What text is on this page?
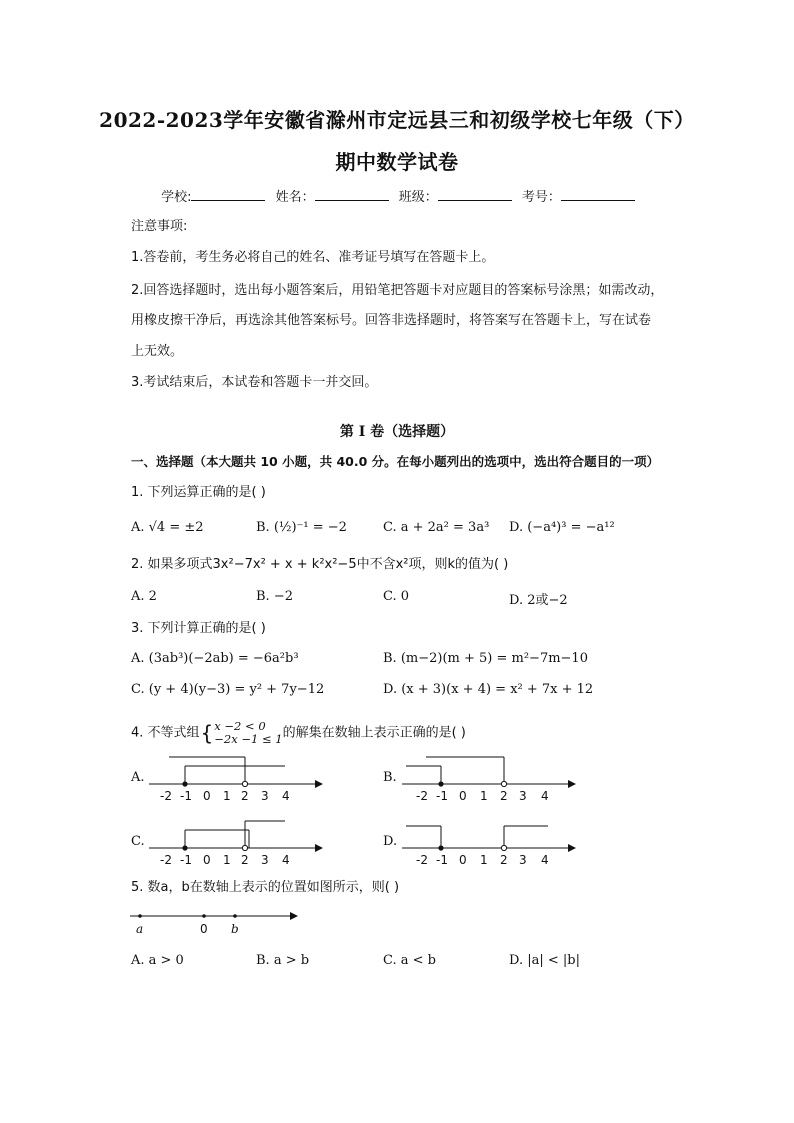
2022-2023学年安徽省滁州市定远县三和初级学校七年级（下）
期中数学试卷
学校:	姓名：	班级：	考号：
注意事项:
1.答卷前，考生务必将自己的姓名、准考证号填写在答题卡上。
2.回答选择题时，选出每小题答案后，用铅笔把答题卡对应题目的答案标号涂黑；如需改动，
用橡皮擦干净后，再选涂其他答案标号。回答非选择题时，将答案写在答题卡上，写在试卷
上无效。
3.考试结束后，本试卷和答题卡一并交回。
第 I 卷（选择题）
一、选择题（本大题共 10 小题，共 40.0 分。在每小题列出的选项中，选出符合题目的一项）
1. 下列运算正确的是( )
A. √4 = ±2	B. (½)⁻¹ = −2	C. a + 2a² = 3a³ D. (−a⁴)³ = −a¹²
2. 如果多项式3x²−7x² + x + k²x²−5中不含x²项，则k的值为( )
A. 2	B. −2	C. 0	D. 2或−2
3. 下列计算正确的是( )
A. (3ab³)(−2ab) = −6a²b³	B. (m−2)(m + 5) = m²−7m−10
C. (y + 4)(y−3) = y² + 7y−12	D. (x + 3)(x + 4) = x² + 7x + 12
4. 不等式组{ x −2 < 0
−2x −1 ≤ 1 的解集在数轴上表示正确的是( )
A.	B.
C.	D.
-2 -1 0 1 2 3 4	-2 -1 0 1 2 3 4
-2 -1 0 1 2 3 4	-2 -1 0 1 2 3 4
5. 数a，b在数轴上表示的位置如图所示，则( )
a	0 b
A. a > 0	B. a > b	C. a < b	D. |a| < |b|
